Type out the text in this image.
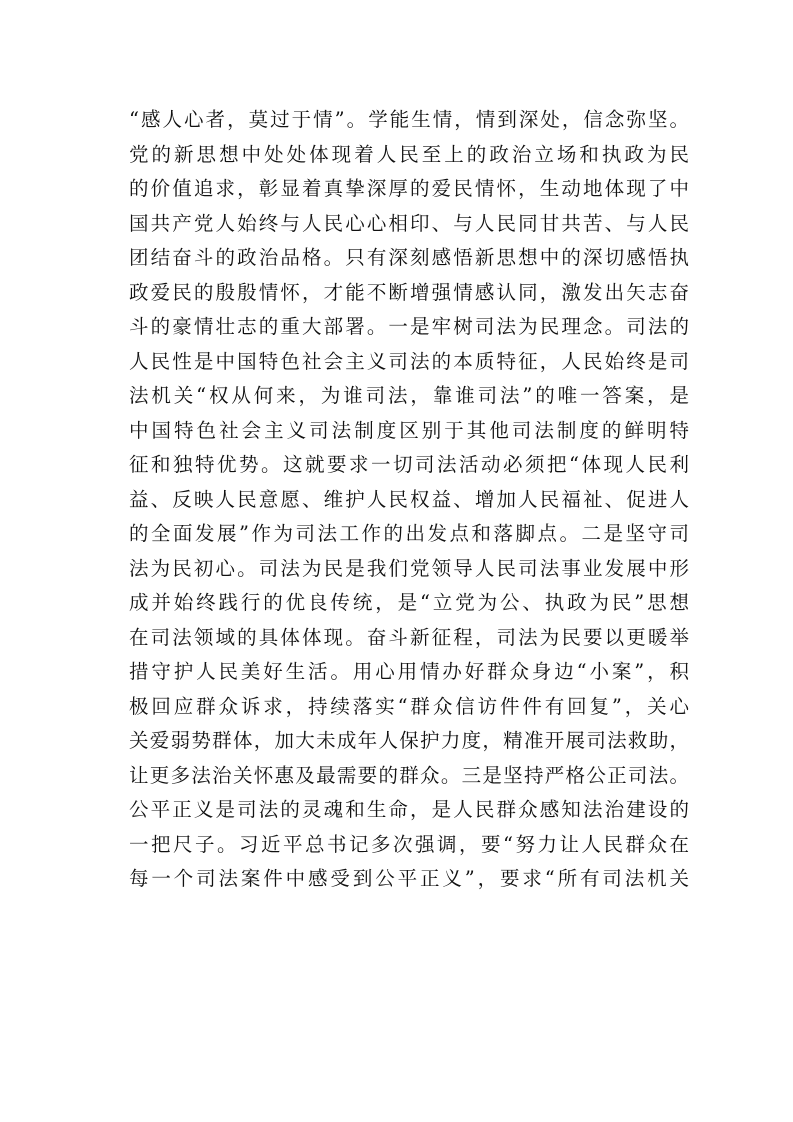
“感人心者，莫过于情”。学能生情，情到深处，信念弥坚。
党的新思想中处处体现着人民至上的政治立场和执政为民
的价值追求，彰显着真挚深厚的爱民情怀，生动地体现了中
国共产党人始终与人民心心相印、与人民同甘共苦、与人民
团结奋斗的政治品格。只有深刻感悟新思想中的深切感悟执
政爱民的殷殷情怀，才能不断增强情感认同，激发出矢志奋
斗的豪情壮志的重大部署。一是牢树司法为民理念。司法的
人民性是中国特色社会主义司法的本质特征，人民始终是司
法机关“权从何来，为谁司法，靠谁司法”的唯一答案，是
中国特色社会主义司法制度区别于其他司法制度的鲜明特
征和独特优势。这就要求一切司法活动必须把“体现人民利
益、反映人民意愿、维护人民权益、增加人民福祉、促进人
的全面发展”作为司法工作的出发点和落脚点。二是坚守司
法为民初心。司法为民是我们党领导人民司法事业发展中形
成并始终践行的优良传统，是“立党为公、执政为民”思想
在司法领域的具体体现。奋斗新征程，司法为民要以更暖举
措守护人民美好生活。用心用情办好群众身边“小案”，积
极回应群众诉求，持续落实“群众信访件件有回复”，关心
关爱弱势群体，加大未成年人保护力度，精准开展司法救助，
让更多法治关怀惠及最需要的群众。三是坚持严格公正司法。
公平正义是司法的灵魂和生命，是人民群众感知法治建设的
一把尺子。习近平总书记多次强调，要“努力让人民群众在
每一个司法案件中感受到公平正义”，要求“所有司法机关
